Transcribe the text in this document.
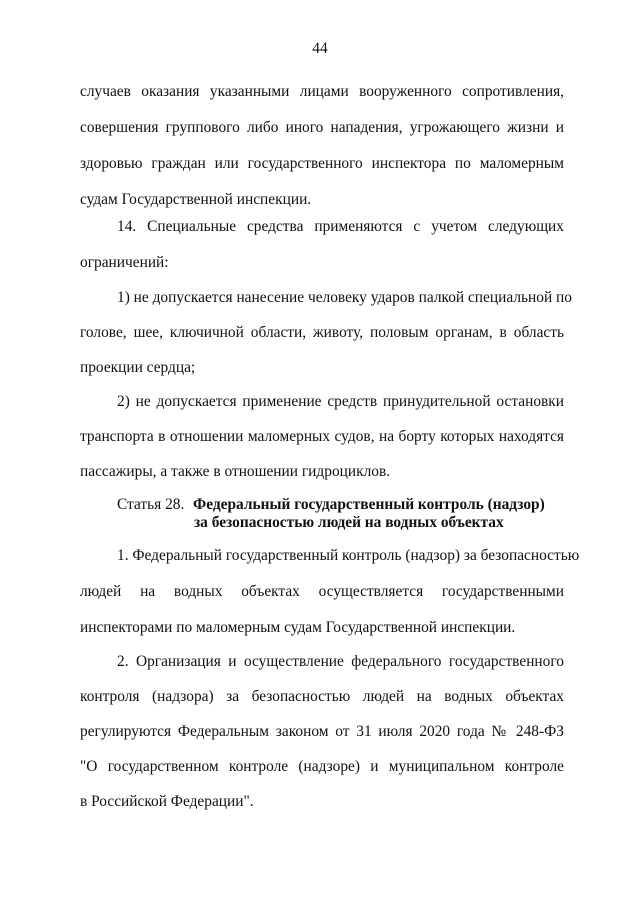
44
случаев оказания указанными лицами вооруженного сопротивления,
совершения группового либо иного нападения, угрожающего жизни и
здоровью граждан или государственного инспектора по маломерным
судам Государственной инспекции.
14. Специальные средства применяются с учетом следующих
ограничений:
1) не допускается нанесение человеку ударов палкой специальной по
голове, шее, ключичной области, животу, половым органам, в область
проекции сердца;
2) не допускается применение средств принудительной остановки
транспорта в отношении маломерных судов, на борту которых находятся
пассажиры, а также в отношении гидроциклов.
Статья 28. Федеральный государственный контроль (надзор)
за безопасностью людей на водных объектах
1. Федеральный государственный контроль (надзор) за безопасностью
людей на водных объектах осуществляется государственными
инспекторами по маломерным судам Государственной инспекции.
2. Организация и осуществление федерального государственного
контроля (надзора) за безопасностью людей на водных объектах
регулируются Федеральным законом от 31 июля 2020 года № 248-ФЗ
"О государственном контроле (надзоре) и муниципальном контроле
в Российской Федерации".
